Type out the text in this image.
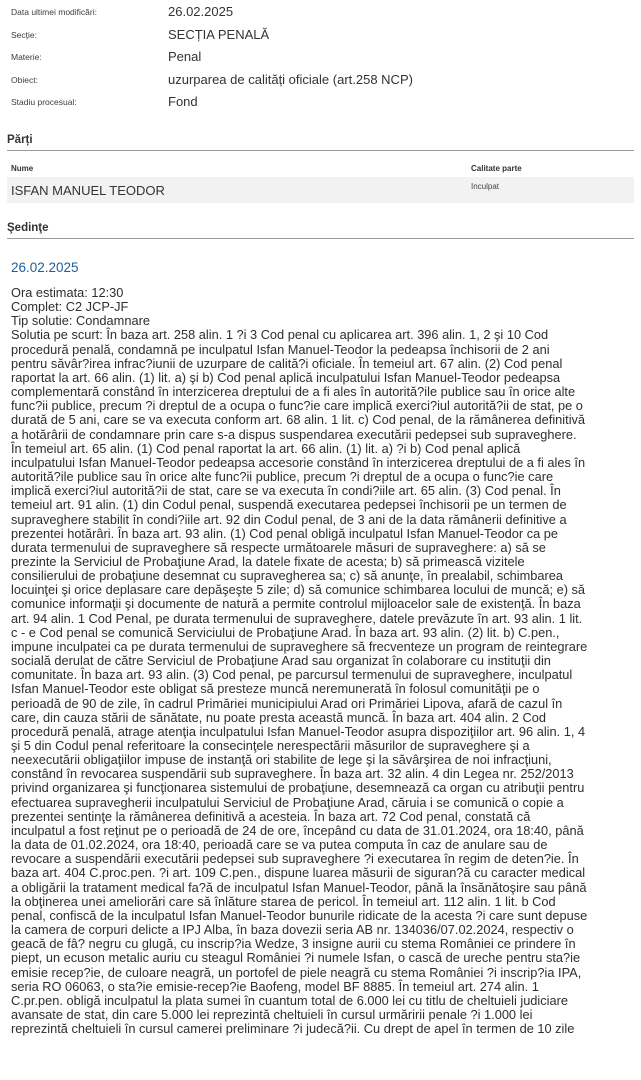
Data ultimei modificări:	26.02.2025
Secție:	SECȚIA PENALĂ
Materie:	Penal
Obiect:	uzurparea de calități oficiale (art.258 NCP)
Stadiu procesual:	Fond
Părți
Nume	Calitate parte
ISFAN MANUEL TEODOR	Inculpat
Şedinţe
26.02.2025
Ora estimata: 12:30
Complet: C2 JCP-JF
Tip solutie: Condamnare
Solutia pe scurt: În baza art. 258 alin. 1 ?i 3 Cod penal cu aplicarea art. 396 alin. 1, 2 şi 10 Cod
procedură penală, condamnă pe inculpatul Isfan Manuel-Teodor la pedeapsa închisorii de 2 ani
pentru săvâr?irea infrac?iunii de uzurpare de calită?i oficiale. În temeiul art. 67 alin. (2) Cod penal
raportat la art. 66 alin. (1) lit. a) şi b) Cod penal aplică inculpatului Isfan Manuel-Teodor pedeapsa
complementară constând în interzicerea dreptului de a fi ales în autorită?ile publice sau în orice alte
func?ii publice, precum ?i dreptul de a ocupa o func?ie care implică exerci?iul autorită?ii de stat, pe o
durată de 5 ani, care se va executa conform art. 68 alin. 1 lit. c) Cod penal, de la rămânerea definitivă
a hotărârii de condamnare prin care s-a dispus suspendarea executării pedepsei sub supraveghere.
În temeiul art. 65 alin. (1) Cod penal raportat la art. 66 alin. (1) lit. a) ?i b) Cod penal aplică
inculpatului Isfan Manuel-Teodor pedeapsa accesorie constând în interzicerea dreptului de a fi ales în
autorită?ile publice sau în orice alte func?ii publice, precum ?i dreptul de a ocupa o func?ie care
implică exerci?iul autorită?ii de stat, care se va executa în condi?iile art. 65 alin. (3) Cod penal. În
temeiul art. 91 alin. (1) din Codul penal, suspendă executarea pedepsei închisorii pe un termen de
supraveghere stabilit în condi?iile art. 92 din Codul penal, de 3 ani de la data rămânerii definitive a
prezentei hotărâri. În baza art. 93 alin. (1) Cod penal obligă inculpatul Isfan Manuel-Teodor ca pe
durata termenului de supraveghere să respecte următoarele măsuri de supraveghere: a) să se
prezinte la Serviciul de Probaţiune Arad, la datele fixate de acesta; b) să primească vizitele
consilierului de probaţiune desemnat cu supravegherea sa; c) să anunţe, în prealabil, schimbarea
locuinţei şi orice deplasare care depăşeşte 5 zile; d) să comunice schimbarea locului de muncă; e) să
comunice informaţii şi documente de natură a permite controlul mijloacelor sale de existenţă. În baza
art. 94 alin. 1 Cod Penal, pe durata termenului de supraveghere, datele prevăzute în art. 93 alin. 1 lit.
c - e Cod penal se comunică Serviciului de Probaţiune Arad. În baza art. 93 alin. (2) lit. b) C.pen.,
impune inculpatei ca pe durata termenului de supraveghere să frecventeze un program de reintegrare
socială derulat de către Serviciul de Probaţiune Arad sau organizat în colaborare cu instituţii din
comunitate. În baza art. 93 alin. (3) Cod penal, pe parcursul termenului de supraveghere, inculpatul
Isfan Manuel-Teodor este obligat să presteze muncă neremunerată în folosul comunităţii pe o
perioadă de 90 de zile, în cadrul Primăriei municipiului Arad ori Primăriei Lipova, afară de cazul în
care, din cauza stării de sănătate, nu poate presta această muncă. În baza art. 404 alin. 2 Cod
procedură penală, atrage atenţia inculpatului Isfan Manuel-Teodor asupra dispoziţiilor art. 96 alin. 1, 4
şi 5 din Codul penal referitoare la consecinţele nerespectării măsurilor de supraveghere şi a
neexecutării obligaţiilor impuse de instanţă ori stabilite de lege şi la săvârşirea de noi infracţiuni,
constând în revocarea suspendării sub supraveghere. În baza art. 32 alin. 4 din Legea nr. 252/2013
privind organizarea şi funcţionarea sistemului de probaţiune, desemnează ca organ cu atribuţii pentru
efectuarea supravegherii inculpatului Serviciul de Probaţiune Arad, căruia i se comunică o copie a
prezentei sentinţe la rămânerea definitivă a acesteia. În baza art. 72 Cod penal, constată că
inculpatul a fost reţinut pe o perioadă de 24 de ore, începând cu data de 31.01.2024, ora 18:40, până
la data de 01.02.2024, ora 18:40, perioadă care se va putea computa în caz de anulare sau de
revocare a suspendării executării pedepsei sub supraveghere ?i executarea în regim de deten?ie. În
baza art. 404 C.proc.pen. ?i art. 109 C.pen., dispune luarea măsurii de siguran?ă cu caracter medical
a obligării la tratament medical fa?ă de inculpatul Isfan Manuel-Teodor, până la însănătoşire sau până
la obţinerea unei ameliorări care să înlăture starea de pericol. În temeiul art. 112 alin. 1 lit. b Cod
penal, confiscă de la inculpatul Isfan Manuel-Teodor bunurile ridicate de la acesta ?i care sunt depuse
la camera de corpuri delicte a IPJ Alba, în baza dovezii seria AB nr. 134036/07.02.2024, respectiv o
geacă de fâ? negru cu glugă, cu inscrip?ia Wedze, 3 insigne aurii cu stema României ce prindere în
piept, un ecuson metalic auriu cu steagul României ?i numele Isfan, o cască de ureche pentru sta?ie
emisie recep?ie, de culoare neagră, un portofel de piele neagră cu stema României ?i inscrip?ia IPA,
seria RO 06063, o sta?ie emisie-recep?ie Baofeng, model BF 8885. În temeiul art. 274 alin. 1
C.pr.pen. obligă inculpatul la plata sumei în cuantum total de 6.000 lei cu titlu de cheltuieli judiciare
avansate de stat, din care 5.000 lei reprezintă cheltuieli în cursul urmăririi penale ?i 1.000 lei
reprezintă cheltuieli în cursul camerei preliminare ?i judecă?ii. Cu drept de apel în termen de 10 zile
